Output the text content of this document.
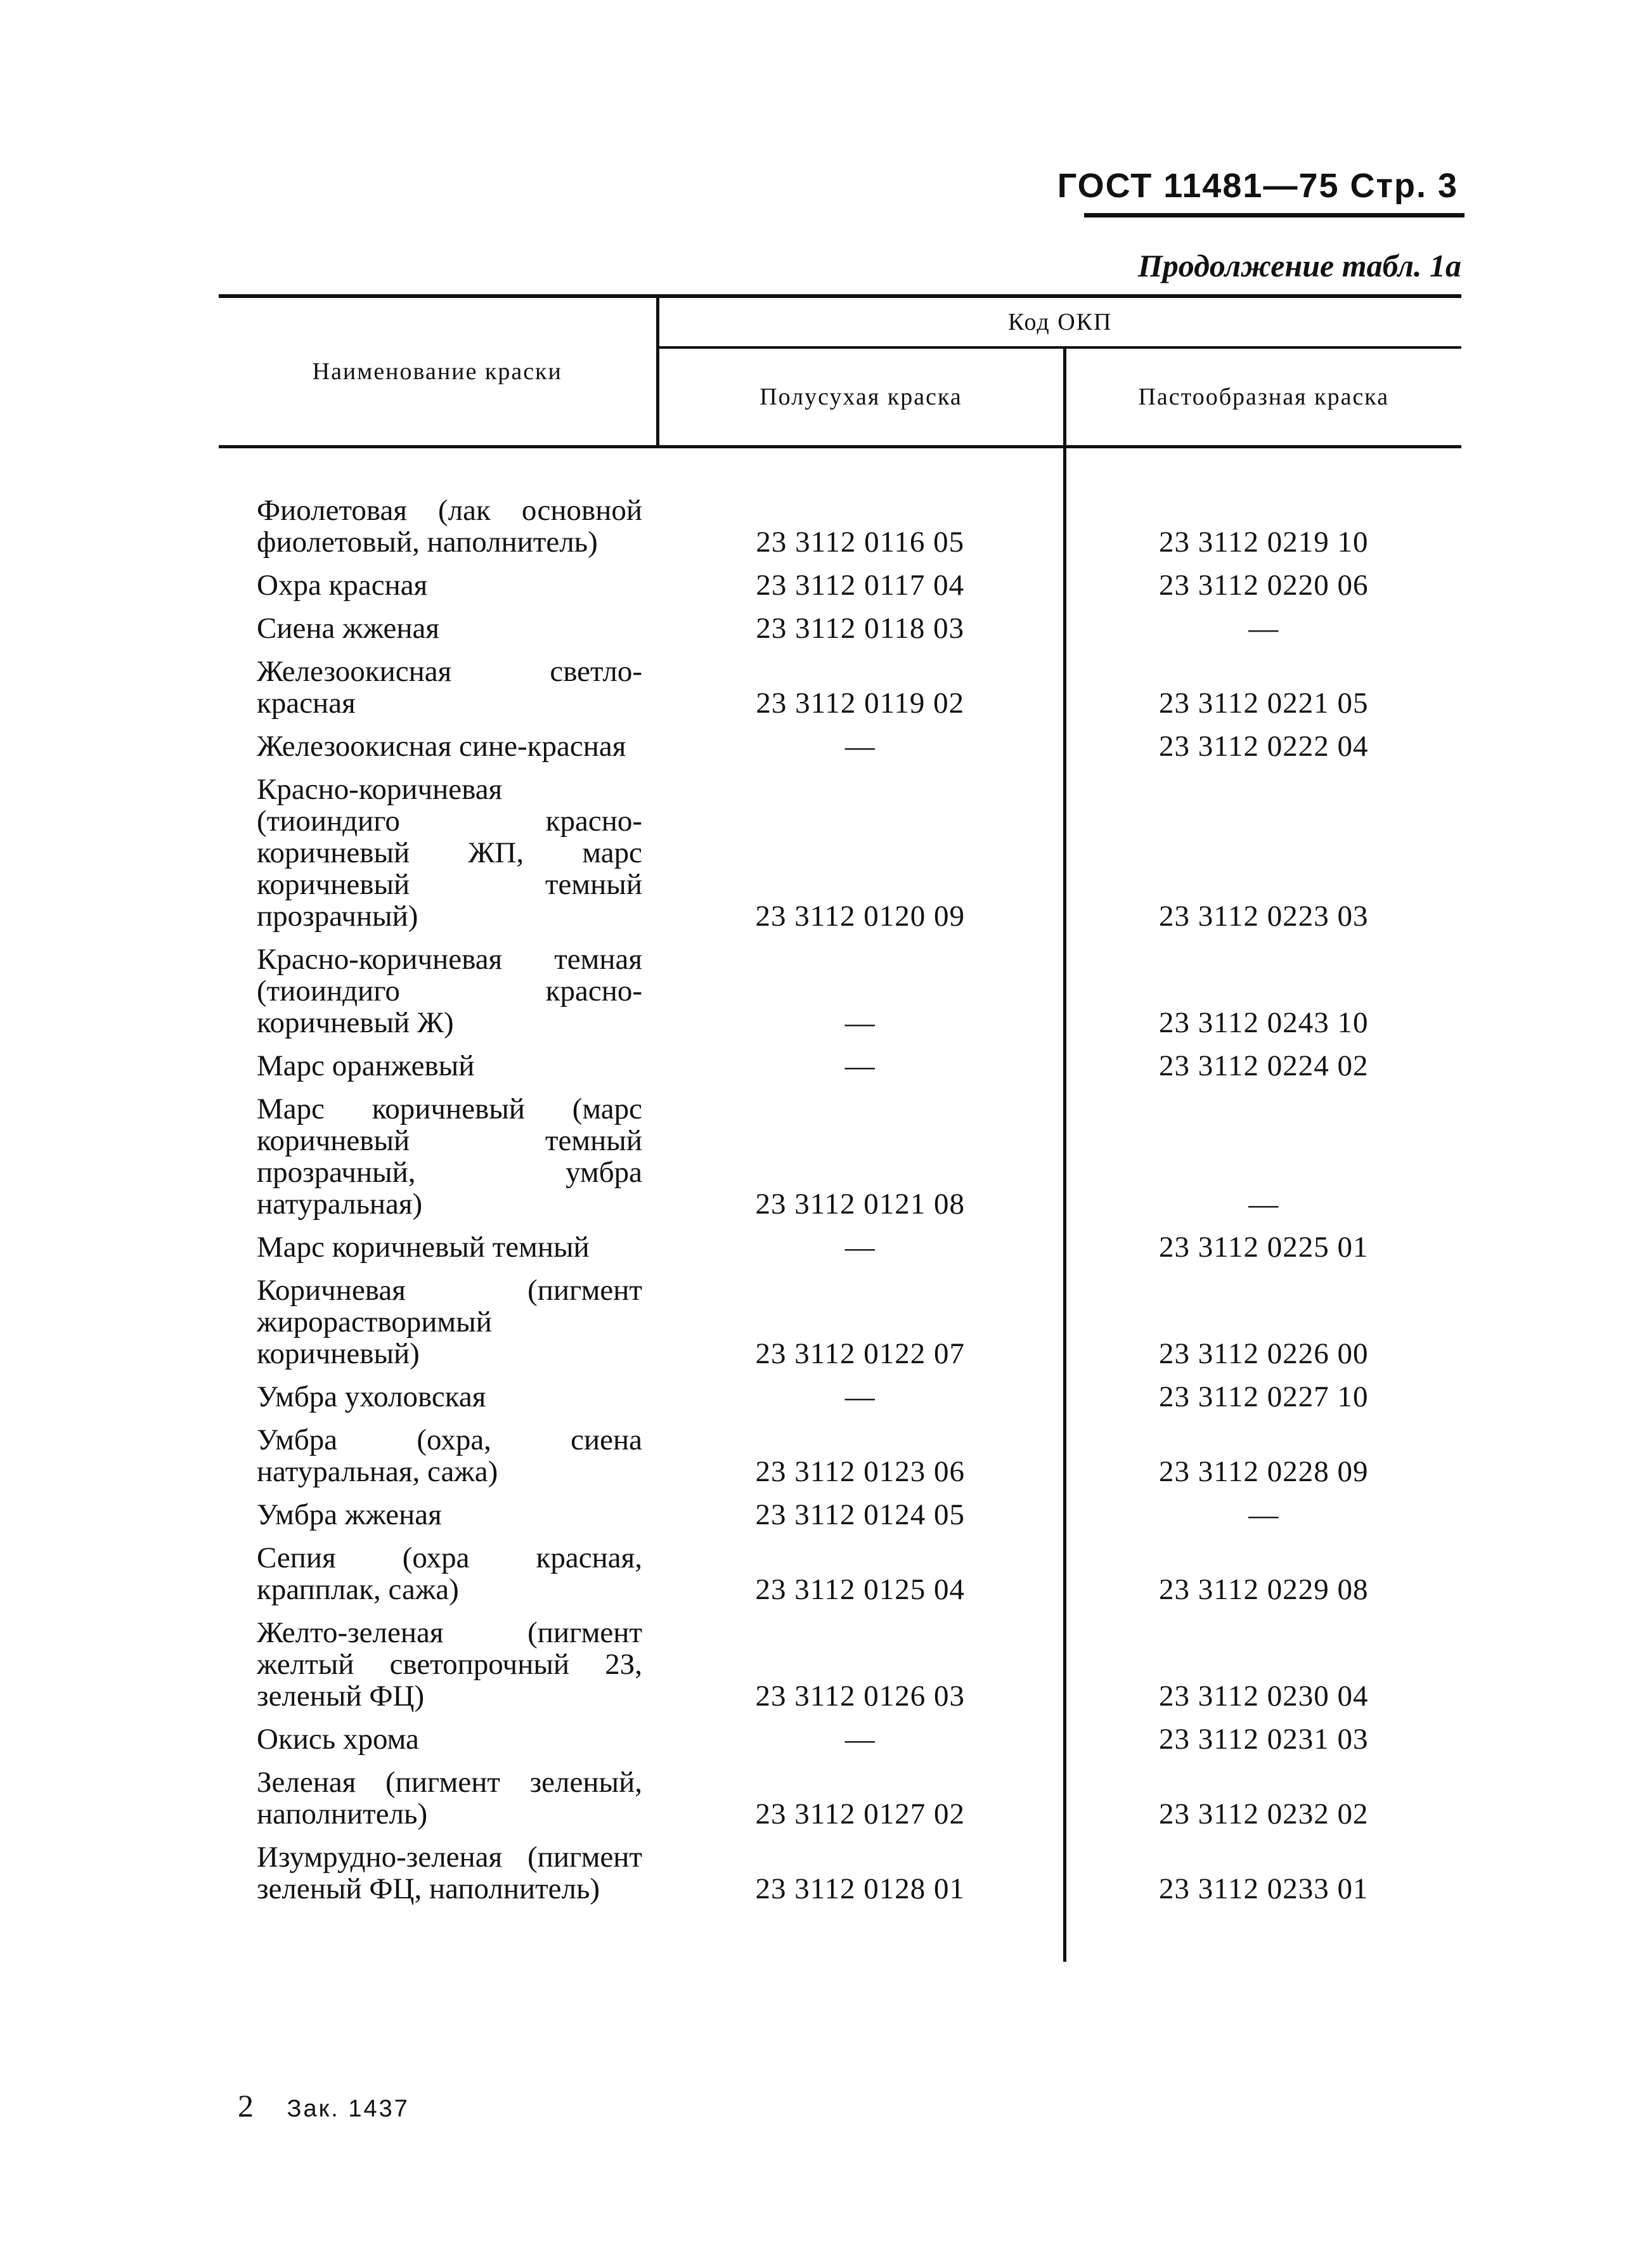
ГОСТ 11481—75 Стр. 3
Продолжение табл. 1а
Наименование краски	Код ОКП	
	Полусухая краска	Пастообразная краска

Фиолетовая (лак основной фиолетовый, наполнитель)	23 3112 0116 05	23 3112 0219 10
Охра красная	23 3112 0117 04	23 3112 0220 06
Сиена жженая	23 3112 0118 03	—
Железоокисная светло-красная	23 3112 0119 02	23 3112 0221 05
Железоокисная сине-красная	—	23 3112 0222 04
Красно-коричневая (тиоиндиго красно-коричневый ЖП, марс коричневый темный прозрачный)	23 3112 0120 09	23 3112 0223 03
Красно-коричневая темная (тиоиндиго красно-коричневый Ж)	—	23 3112 0243 10
Марс оранжевый	—	23 3112 0224 02
Марс коричневый (марс коричневый темный прозрачный, умбра натуральная)	23 3112 0121 08	—
Марс коричневый темный	—	23 3112 0225 01
Коричневая (пигмент жирорастворимый коричневый)	23 3112 0122 07	23 3112 0226 00
Умбра ухоловская	—	23 3112 0227 10
Умбра (охра, сиена натуральная, сажа)	23 3112 0123 06	23 3112 0228 09
Умбра жженая	23 3112 0124 05	—
Сепия (охра красная, крапплак, сажа)	23 3112 0125 04	23 3112 0229 08
Желто-зеленая (пигмент желтый светопрочный 2З, зеленый ФЦ)	23 3112 0126 03	23 3112 0230 04
Окись хрома	—	23 3112 0231 03
Зеленая (пигмент зеленый, наполнитель)	23 3112 0127 02	23 3112 0232 02
Изумрудно-зеленая (пигмент зеленый ФЦ, наполнитель)	23 3112 0128 01	23 3112 0233 01
2 Зак. 1437
